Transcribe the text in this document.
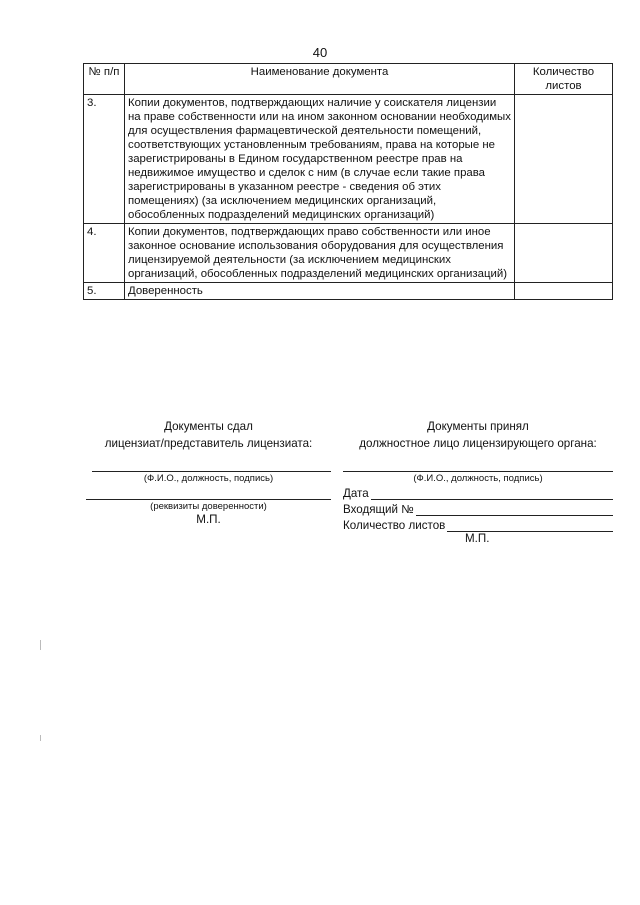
40
№ п/п	Наименование документа	Количество листов
3.	Копии документов, подтверждающих наличие у соискателя лицензии на праве собственности или на ином законном основании необходимых для осуществления фармацевтической деятельности помещений, соответствующих установленным требованиям, права на которые не зарегистрированы в Едином государственном реестре прав на недвижимое имущество и сделок с ним (в случае если такие права зарегистрированы в указанном реестре - сведения об этих помещениях) (за исключением медицинских организаций, обособленных подразделений медицинских организаций)	
4.	Копии документов, подтверждающих право собственности или иное законное основание использования оборудования для осуществления лицензируемой деятельности (за исключением медицинских организаций, обособленных подразделений медицинских организаций)	
5.	Доверенность	
Документы сдал
лицензиат/представитель лицензиата:
(Ф.И.О., должность, подпись)
(реквизиты доверенности)
М.П.
Документы принял
должностное лицо лицензирующего органа:
(Ф.И.О., должность, подпись)
Дата
Входящий №
Количество листов
М.П.
